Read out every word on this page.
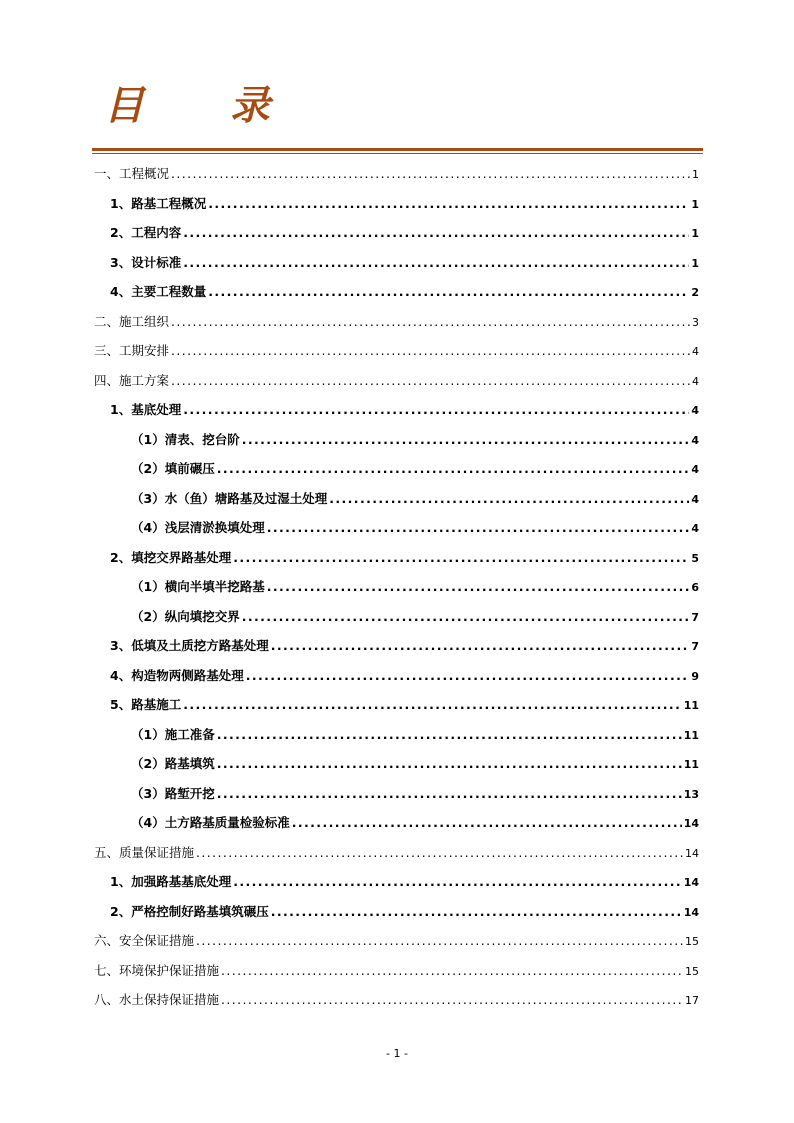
目 录
一、工程概况 .....	1
1、路基工程概况 .....	1
2、工程内容 .....	1
3、设计标准 .....	1
4、主要工程数量 .....	2
二、施工组织 .....	3
三、工期安排 .....	4
四、施工方案 .....	4
1、基底处理 .....	4
（1）清表、挖台阶 .....	4
（2）填前碾压 .....	4
（3）水（鱼）塘路基及过湿土处理 .....	4
（4）浅层清淤换填处理 .....	4
2、填挖交界路基处理 .....	5
（1）横向半填半挖路基 .....	6
（2）纵向填挖交界 .....	7
3、低填及土质挖方路基处理 .....	7
4、构造物两侧路基处理 .....	9
5、路基施工 .....	11
（1）施工准备 .....	11
（2）路基填筑 .....	11
（3）路堑开挖 .....	13
（4）土方路基质量检验标准 .....	14
五、质量保证措施 .....	14
1、加强路基基底处理 .....	14
2、严格控制好路基填筑碾压 .....	14
六、安全保证措施 .....	15
七、环境保护保证措施 .....	15
八、水土保持保证措施 .....	17
- 1 -
